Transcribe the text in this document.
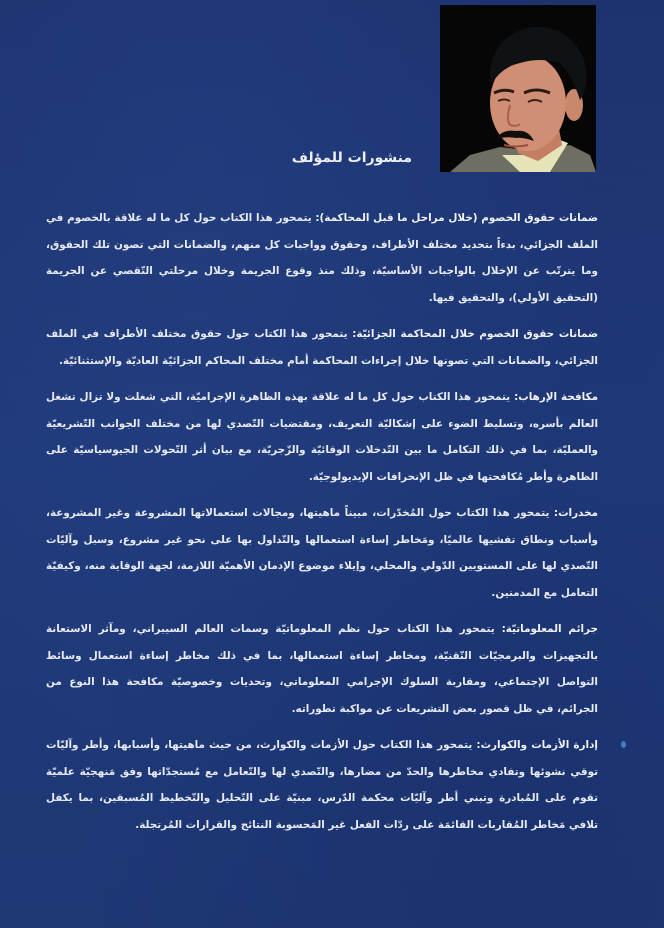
منشورات للمؤلف

ضمانات حقوق الخصوم (خلال مراحل ما قبل المحاكمة): يتمحور هذا الكتاب حول كل ما له علاقة بالخصوم في الملف الجزائي، بدءاً بتحديد مختلف الأطراف، وحقوق وواجبات كل منهم، والضمانات التي تصون تلك الحقوق، وما يترتّب عن الإخلال بالواجبات الأساسيّة، وذلك منذ وقوع الجريمة وخلال مرحلتي التّقصي عن الجريمة (التحقيق الأولي)، والتحقيق فيها.

ضمانات حقوق الخصوم خلال المحاكمة الجزائيّة: يتمحور هذا الكتاب حول حقوق مختلف الأطراف في الملف الجزائي، والضمانات التي تصونها خلال إجراءات المحاكمة أمام مختلف المحاكم الجزائيّة العاديّة والإستثنائيّة.

مكافحة الإرهاب: يتمحور هذا الكتاب حول كل ما له علاقة بهذه الظاهرة الإجراميّة، التي شغلت ولا تزال تشغل العالم بأسره، وتسليط الضوء على إشكاليّة التعريف، ومقتضيات التّصدي لها من مختلف الجوانب التّشريعيّة والعمليّة، بما في ذلك التكامل ما بين التّدخلات الوقائيّة والزّجريّة، مع بيان أثر التّحولات الجيوسياسيّة على الظاهرة وأطر مُكافحتها في ظل الإنحرافات الإيديولوجيّة.

مخدرات: يتمحور هذا الكتاب حول المُخدّرات، مبيناً ماهيتها، ومجالات استعمالاتها المشروعة وغير المشروعة، وأسباب ونطاق تفشيها عالميًا، ومَخاطر إساءة استعمالها والتّداول بها على نحو غير مشروع، وسبل وآليّات التّصدي لها على المستويين الدّولي والمحلي، وإيلاء موضوع الإدمان الأهميّة اللازمة، لجهة الوقاية منه، وكيفيّة التعامل مع المدمنين.

جرائم المعلوماتيّة: يتمحور هذا الكتاب حول نظم المعلوماتيّة وسمات العالم السيبراني، ومآثر الاستعانة بالتجهيزات والبرمجيّات التّقنيّة، ومخاطر إساءة استعمالها، بما في ذلك مخاطر إساءة استعمال وسائط التواصل الإجتماعي، ومقاربة السلوك الإجرامي المعلوماتي، وتحديات وخصوصيّة مكافحة هذا النوع من الجرائم، في ظل قصور بعض التشريعات عن مواكبة تطوراته.

إدارة الأزمات والكوارث: يتمحور هذا الكتاب حول الأزمات والكوارث، من حيث ماهيتها، وأسبابها، وأطر وآليّات توقي نشوئها وتفادي مخاطرها والحدّ من مضارها، والتّصدي لها والتّعامل مع مُستجدّاتها وفق مَنهجيّة علميّة تقوم على المُبادرة وتبني أطر وآليّات محكمة الدّرس، مبنيّة على التّحليل والتّخطيط المُسبقين، بما يكفل تلافي مَخاطر المُقاربات القائمَة على ردّات الفعل غير المَحسوبة النتائج والقرارات المُرتجلة.
